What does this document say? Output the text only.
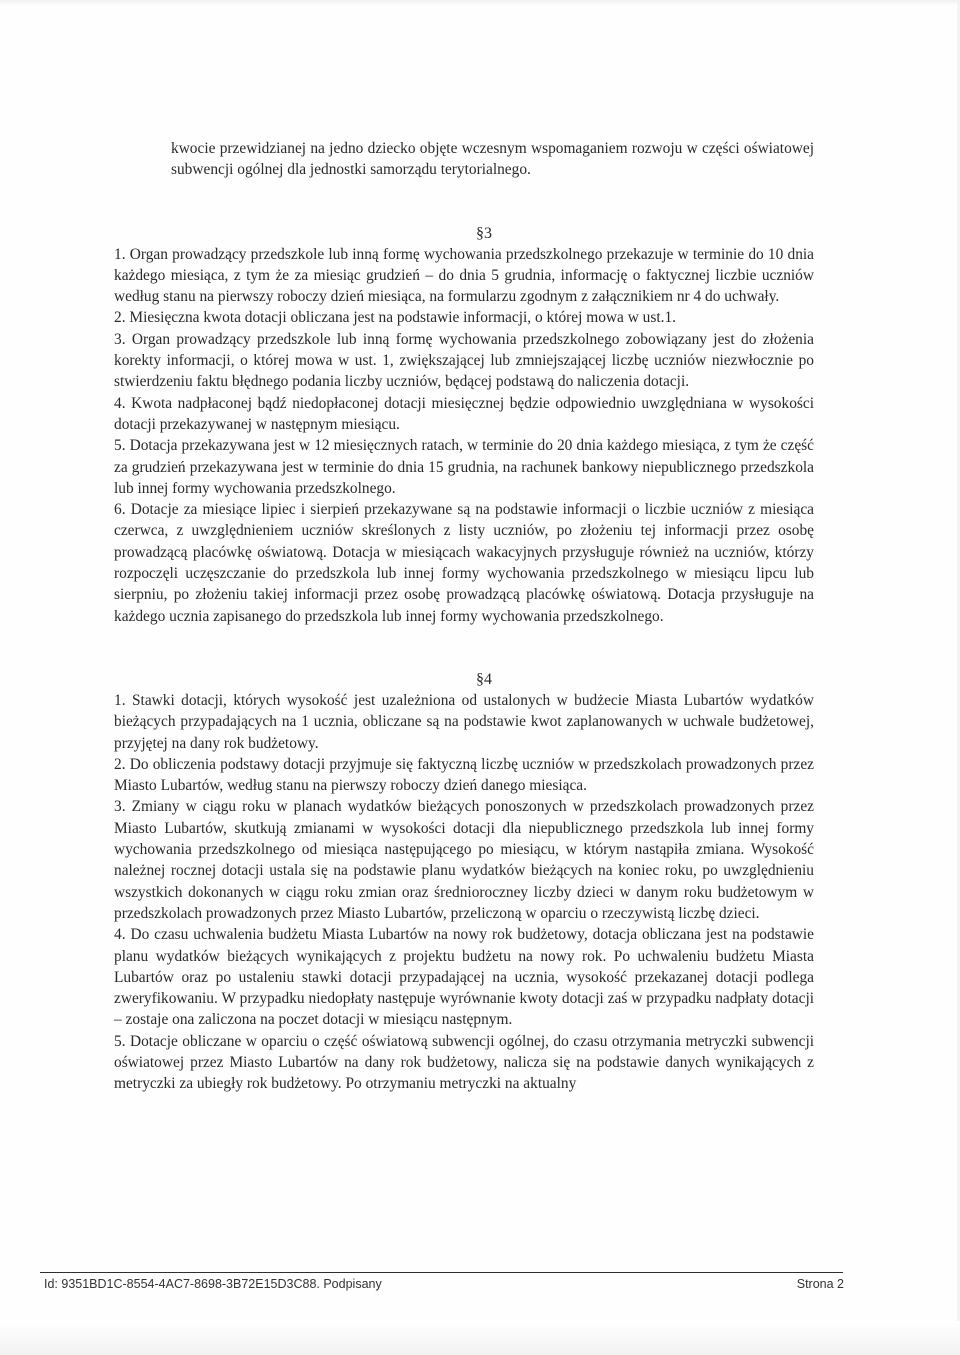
kwocie przewidzianej na jedno dziecko objęte wczesnym wspomaganiem rozwoju w części oświatowej subwencji ogólnej dla jednostki samorządu terytorialnego.

§3

1. Organ prowadzący przedszkole lub inną formę wychowania przedszkolnego przekazuje w terminie do 10 dnia każdego miesiąca, z tym że za miesiąc grudzień – do dnia 5 grudnia, informację o faktycznej liczbie uczniów według stanu na pierwszy roboczy dzień miesiąca, na formularzu zgodnym z załącznikiem nr 4 do uchwały.

2. Miesięczna kwota dotacji obliczana jest na podstawie informacji, o której mowa w ust.1.

3. Organ prowadzący przedszkole lub inną formę wychowania przedszkolnego zobowiązany jest do złożenia korekty informacji, o której mowa w ust. 1, zwiększającej lub zmniejszającej liczbę uczniów niezwłocznie po stwierdzeniu faktu błędnego podania liczby uczniów, będącej podstawą do naliczenia dotacji.

4. Kwota nadpłaconej bądź niedopłaconej dotacji miesięcznej będzie odpowiednio uwzględniana w wysokości dotacji przekazywanej w następnym miesiącu.

5. Dotacja przekazywana jest w 12 miesięcznych ratach, w terminie do 20 dnia każdego miesiąca, z tym że część za grudzień przekazywana jest w terminie do dnia 15 grudnia, na rachunek bankowy niepublicznego przedszkola lub innej formy wychowania przedszkolnego.

6. Dotacje za miesiące lipiec i sierpień przekazywane są na podstawie informacji o liczbie uczniów z miesiąca czerwca, z uwzględnieniem uczniów skreślonych z listy uczniów, po złożeniu tej informacji przez osobę prowadzącą placówkę oświatową. Dotacja w miesiącach wakacyjnych przysługuje również na uczniów, którzy rozpoczęli uczęszczanie do przedszkola lub innej formy wychowania przedszkolnego w miesiącu lipcu lub sierpniu, po złożeniu takiej informacji przez osobę prowadzącą placówkę oświatową. Dotacja przysługuje na każdego ucznia zapisanego do przedszkola lub innej formy wychowania przedszkolnego.

§4

1. Stawki dotacji, których wysokość jest uzależniona od ustalonych w budżecie Miasta Lubartów wydatków bieżących przypadających na 1 ucznia, obliczane są na podstawie kwot zaplanowanych w uchwale budżetowej, przyjętej na dany rok budżetowy.

2. Do obliczenia podstawy dotacji przyjmuje się faktyczną liczbę uczniów w przedszkolach prowadzonych przez Miasto Lubartów, według stanu na pierwszy roboczy dzień danego miesiąca.

3. Zmiany w ciągu roku w planach wydatków bieżących ponoszonych w przedszkolach prowadzonych przez Miasto Lubartów, skutkują zmianami w wysokości dotacji dla niepublicznego przedszkola lub innej formy wychowania przedszkolnego od miesiąca następującego po miesiącu, w którym nastąpiła zmiana. Wysokość należnej rocznej dotacji ustala się na podstawie planu wydatków bieżących na koniec roku, po uwzględnieniu wszystkich dokonanych w ciągu roku zmian oraz średnioroczney liczby dzieci w danym roku budżetowym w przedszkolach prowadzonych przez Miasto Lubartów, przeliczoną w oparciu o rzeczywistą liczbę dzieci.

4. Do czasu uchwalenia budżetu Miasta Lubartów na nowy rok budżetowy, dotacja obliczana jest na podstawie planu wydatków bieżących wynikających z projektu budżetu na nowy rok. Po uchwaleniu budżetu Miasta Lubartów oraz po ustaleniu stawki dotacji przypadającej na ucznia, wysokość przekazanej dotacji podlega zweryfikowaniu. W przypadku niedopłaty następuje wyrównanie kwoty dotacji zaś w przypadku nadpłaty dotacji – zostaje ona zaliczona na poczet dotacji w miesiącu następnym.

5. Dotacje obliczane w oparciu o część oświatową subwencji ogólnej, do czasu otrzymania metryczki subwencji oświatowej przez Miasto Lubartów na dany rok budżetowy, nalicza się na podstawie danych wynikających z metryczki za ubiegły rok budżetowy. Po otrzymaniu metryczki na aktualny

Id: 9351BD1C-8554-4AC7-8698-3B72E15D3C88. Podpisany	Strona 2
